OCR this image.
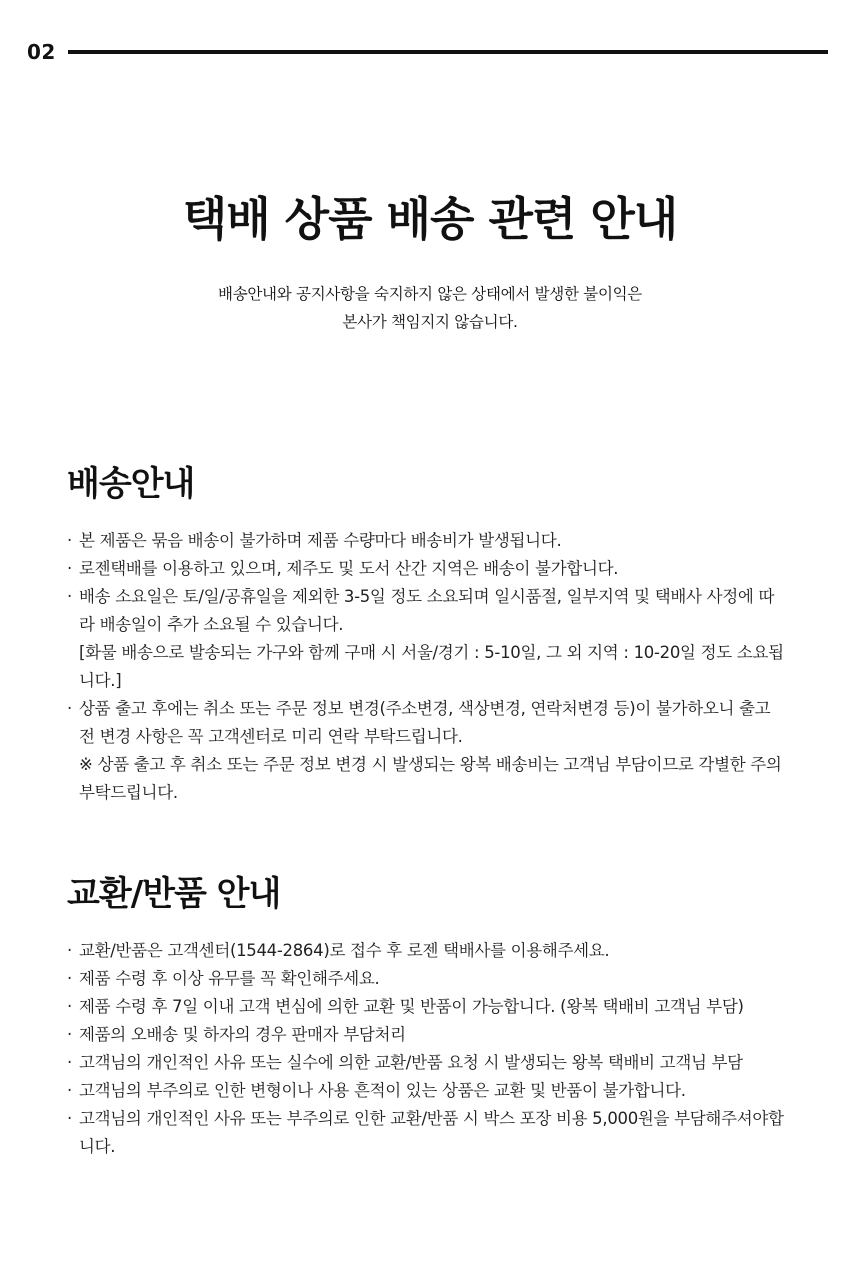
02
택배 상품 배송 관련 안내
배송안내와 공지사항을 숙지하지 않은 상태에서 발생한 불이익은
본사가 책임지지 않습니다.
배송안내
· 본 제품은 묶음 배송이 불가하며 제품 수량마다 배송비가 발생됩니다.
· 로젠택배를 이용하고 있으며, 제주도 및 도서 산간 지역은 배송이 불가합니다.
· 배송 소요일은 토/일/공휴일을 제외한 3-5일 정도 소요되며 일시품절, 일부지역 및 택배사 사정에 따라 배송일이 추가 소요될 수 있습니다.
[화물 배송으로 발송되는 가구와 함께 구매 시 서울/경기 : 5-10일, 그 외 지역 : 10-20일 정도 소요됩니다.]
· 상품 출고 후에는 취소 또는 주문 정보 변경(주소변경, 색상변경, 연락처변경 등)이 불가하오니 출고 전 변경 사항은 꼭 고객센터로 미리 연락 부탁드립니다.
※ 상품 출고 후 취소 또는 주문 정보 변경 시 발생되는 왕복 배송비는 고객님 부담이므로 각별한 주의 부탁드립니다.
교환/반품 안내
· 교환/반품은 고객센터(1544-2864)로 접수 후 로젠 택배사를 이용해주세요.
· 제품 수령 후 이상 유무를 꼭 확인해주세요.
· 제품 수령 후 7일 이내 고객 변심에 의한 교환 및 반품이 가능합니다. (왕복 택배비 고객님 부담)
· 제품의 오배송 및 하자의 경우 판매자 부담처리
· 고객님의 개인적인 사유 또는 실수에 의한 교환/반품 요청 시 발생되는 왕복 택배비 고객님 부담
· 고객님의 부주의로 인한 변형이나 사용 흔적이 있는 상품은 교환 및 반품이 불가합니다.
· 고객님의 개인적인 사유 또는 부주의로 인한 교환/반품 시 박스 포장 비용 5,000원을 부담해주셔야합니다.
